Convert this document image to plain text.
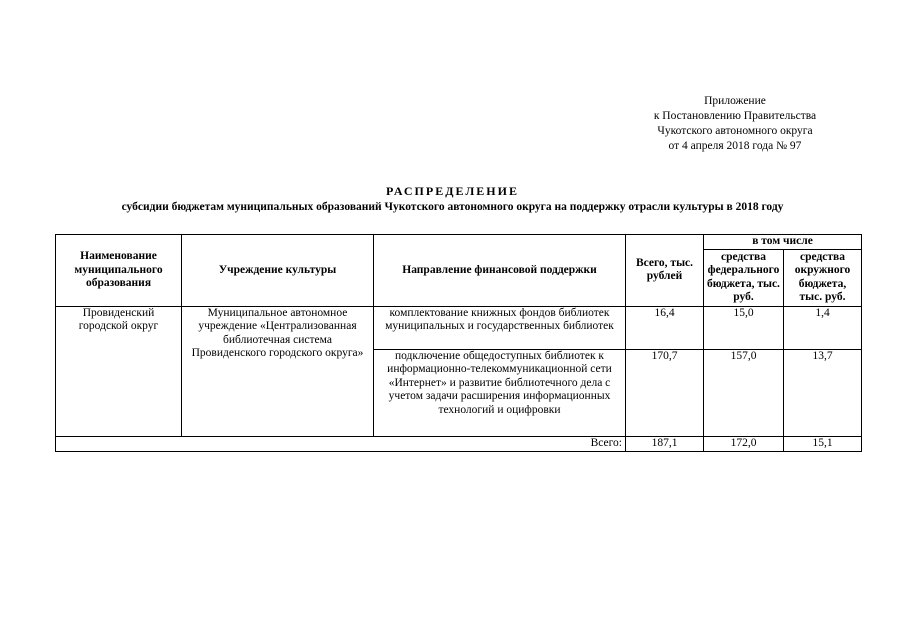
Приложение
к Постановлению Правительства
Чукотского автономного округа
от 4 апреля 2018 года № 97
РАСПРЕДЕЛЕНИЕ
субсидии бюджетам муниципальных образований Чукотского автономного округа на поддержку отрасли культуры в 2018 году
Наименование муниципального образования	Учреждение культуры	Направление финансовой поддержки	Всего, тыс. рублей	в том числе	
				средства федерального бюджета, тыс. руб.	средства окружного бюджета, тыс. руб.
Провиденский городской округ	Муниципальное автономное учреждение «Централизованная библиотечная система Провиденского городского округа»	комплектование книжных фондов библиотек муниципальных и государственных библиотек	16,4	15,0	1,4
		подключение общедоступных библиотек к информационно-телекоммуникационной сети «Интернет» и развитие библиотечного дела с учетом задачи расширения информационных технологий и оцифровки	170,7	157,0	13,7
Всего:			187,1	172,0	15,1
